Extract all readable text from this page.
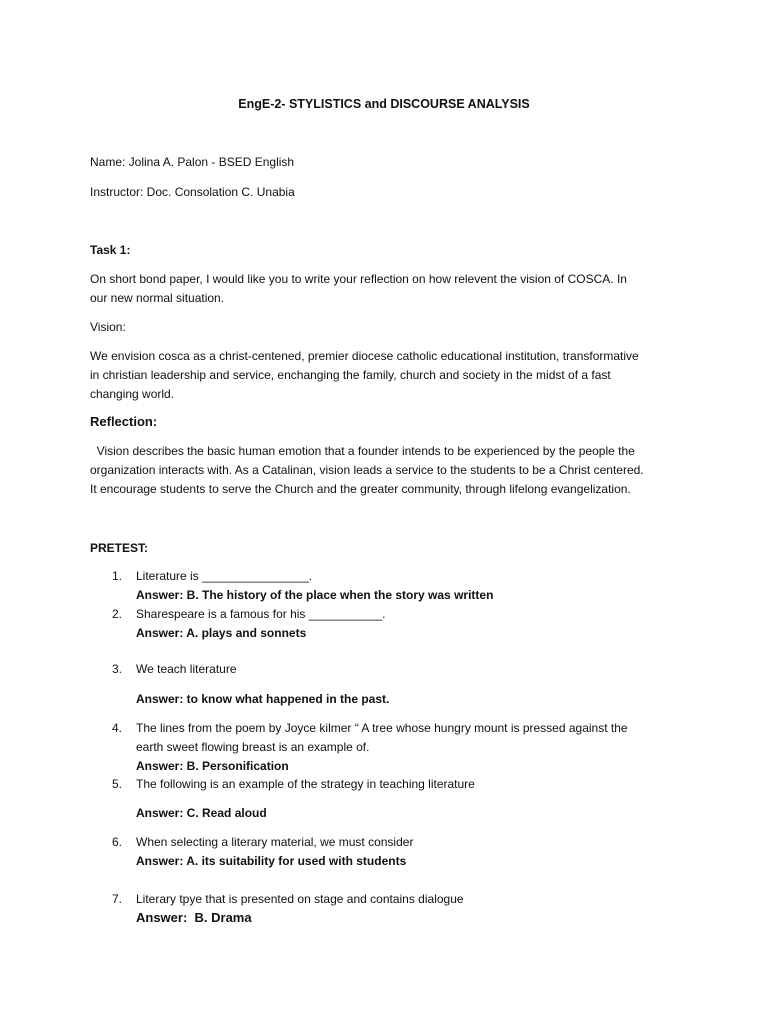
EngE-2- STYLISTICS and DISCOURSE ANALYSIS
Name: Jolina A. Palon - BSED English
Instructor: Doc. Consolation C. Unabia
Task 1:
On short bond paper, I would like you to write your reflection on how relevent the vision of COSCA. In
our new normal situation.
Vision:
We envision cosca as a christ-centened, premier diocese catholic educational institution, transformative
in christian leadership and service, enchanging the family, church and society in the midst of a fast
changing world.
Reflection:
Vision describes the basic human emotion that a founder intends to be experienced by the people the
organization interacts with. As a Catalinan, vision leads a service to the students to be a Christ centered.
It encourage students to serve the Church and the greater community, through lifelong evangelization.
PRETEST:
1. Literature is ________________.
Answer: B. The history of the place when the story was written
2. Sharespeare is a famous for his ___________.
Answer: A. plays and sonnets
3. We teach literature
Answer: to know what happened in the past.
4. The lines from the poem by Joyce kilmer “ A tree whose hungry mount is pressed against the
earth sweet flowing breast is an example of.
Answer: B. Personification
5. The following is an example of the strategy in teaching literature
Answer: C. Read aloud
6. When selecting a literary material, we must consider
Answer: A. its suitability for used with students
7. Literary tpye that is presented on stage and contains dialogue
Answer:  B. Drama
